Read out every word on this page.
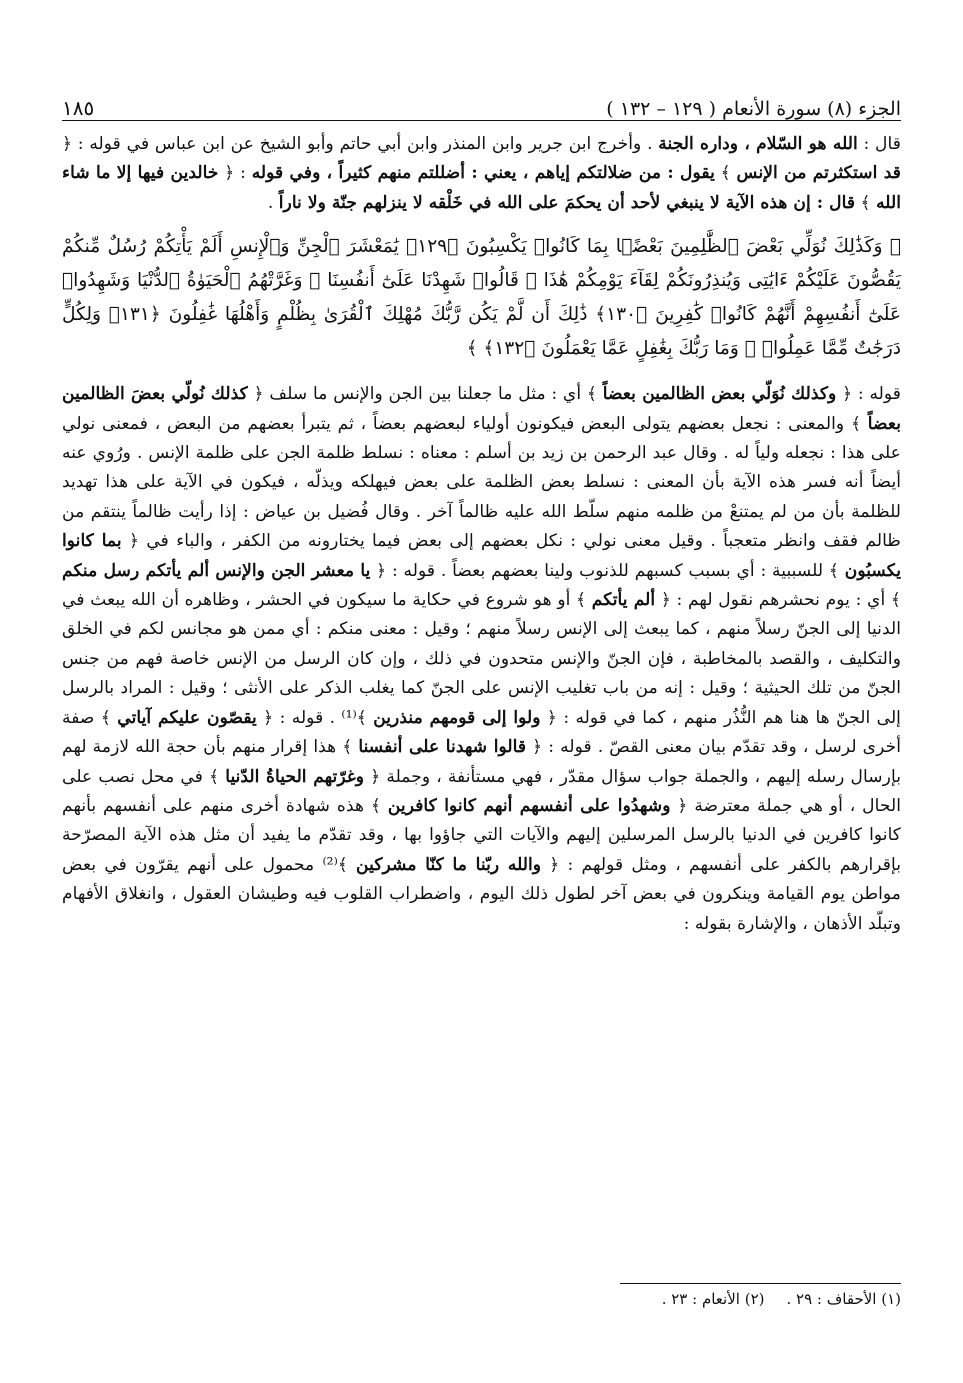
الجزء (٨) سورة الأنعام ( ١٢٩ – ١٣٢ )
١٨٥

قال : الله هو السّلام ، وداره الجنة . وأخرج ابن جرير وابن المنذر وابن أبي حاتم وأبو الشيخ عن ابن عباس في قوله : ﴿ قد استكثرتم من الإنس ﴾ يقول : من ضلالتكم إياهم ، يعني : أضللتم منهم كثيراً ، وفي قوله : ﴿ خالدين فيها إلا ما شاء الله ﴾ قال : إن هذه الآية لا ينبغي لأحد أن يحكمَ على الله في خَلْقه لا ينزلهم جنّة ولا ناراً .

﴿ وَكَذَٰلِكَ نُوَلِّي بَعْضَ ٱلظَّٰلِمِينَ بَعْضًۢا بِمَا كَانُوا۟ يَكْسِبُونَ ﴿١٢٩﴾ يَٰمَعْشَرَ ٱلْجِنِّ وَٱلْإِنسِ أَلَمْ يَأْتِكُمْ رُسُلٌ مِّنكُمْ يَقُصُّونَ عَلَيْكُمْ ءَايَٰتِى وَيُنذِرُونَكُمْ لِقَآءَ يَوْمِكُمْ هَٰذَا ۚ قَالُوا۟ شَهِدْنَا عَلَىٰٓ أَنفُسِنَا ۖ وَغَرَّتْهُمُ ٱلْحَيَوٰةُ ٱلدُّنْيَا وَشَهِدُوا۟ عَلَىٰٓ أَنفُسِهِمْ أَنَّهُمْ كَانُوا۟ كَٰفِرِينَ ﴿١٣٠﴾ ذَٰلِكَ أَن لَّمْ يَكُن رَّبُّكَ مُهْلِكَ ٱلْقُرَىٰ بِظُلْمٍ وَأَهْلُهَا غَٰفِلُونَ ﴿١٣١﴾ وَلِكُلٍّ دَرَجَٰتٌ مِّمَّا عَمِلُوا۟ ۚ وَمَا رَبُّكَ بِغَٰفِلٍ عَمَّا يَعْمَلُونَ ﴿١٣٢﴾ ﴾

قوله : ﴿ وكذلك نُوَلّي بعض الظالمين بعضاً ﴾ أي : مثل ما جعلنا بين الجن والإنس ما سلف ﴿ كذلك نُولّي بعضَ الظالمين بعضاً ﴾ والمعنى : نجعل بعضهم يتولى البعض فيكونون أولياء لبعضهم بعضاً ، ثم يتبرأ بعضهم من البعض ، فمعنى نولي على هذا : نجعله ولياً له . وقال عبد الرحمن بن زيد بن أسلم : معناه : نسلط ظلمة الجن على ظلمة الإنس . ورُوي عنه أيضاً أنه فسر هذه الآية بأن المعنى : نسلط بعض الظلمة على بعض فيهلكه ويذلّه ، فيكون في الآية على هذا تهديد للظلمة بأن من لم يمتنعْ من ظلمه منهم سلّط الله عليه ظالماً آخر . وقال فُضيل بن عياض : إذا رأيت ظالماً ينتقم من ظالم فقف وانظر متعجباً . وقيل معنى نولي : نكل بعضهم إلى بعض فيما يختارونه من الكفر ، والباء في ﴿ بما كانوا يكسبُون ﴾ للسببية : أي بسبب كسبهم للذنوب ولينا بعضهم بعضاً . قوله : ﴿ يا معشر الجن والإنس ألم يأتكم رسل منكم ﴾ أي : يوم نحشرهم نقول لهم : ﴿ ألم يأتكم ﴾ أو هو شروع في حكاية ما سيكون في الحشر ، وظاهره أن الله يبعث في الدنيا إلى الجنّ رسلاً منهم ، كما يبعث إلى الإنس رسلاً منهم ؛ وقيل : معنى منكم : أي ممن هو مجانس لكم في الخلق والتكليف ، والقصد بالمخاطبة ، فإن الجنّ والإنس متحدون في ذلك ، وإن كان الرسل من الإنس خاصة فهم من جنس الجنّ من تلك الحيثية ؛ وقيل : إنه من باب تغليب الإنس على الجنّ كما يغلب الذكر على الأنثى ؛ وقيل : المراد بالرسل إلى الجنّ ها هنا هم النُّذُر منهم ، كما في قوله : ﴿ ولوا إلى قومهم منذرين ﴾⁽¹⁾ . قوله : ﴿ يقصّون عليكم آياتي ﴾ صفة أخرى لرسل ، وقد تقدّم بيان معنى القصّ . قوله : ﴿ قالوا شهدنا على أنفسنا ﴾ هذا إقرار منهم بأن حجة الله لازمة لهم بإرسال رسله إليهم ، والجملة جواب سؤال مقدّر ، فهي مستأنفة ، وجملة ﴿ وغرّتهم الحياةُ الدّنيا ﴾ في محل نصب على الحال ، أو هي جملة معترضة ﴿ وشهدُوا على أنفسهم أنهم كانوا كافرين ﴾ هذه شهادة أخرى منهم على أنفسهم بأنهم كانوا كافرين في الدنيا بالرسل المرسلين إليهم والآيات التي جاؤوا بها ، وقد تقدّم ما يفيد أن مثل هذه الآية المصرّحة بإقرارهم بالكفر على أنفسهم ، ومثل قولهم : ﴿ والله ربّنا ما كنّا مشركين ﴾⁽²⁾ محمول على أنهم يقرّون في بعض مواطن يوم القيامة وينكرون في بعض آخر لطول ذلك اليوم ، واضطراب القلوب فيه وطيشان العقول ، وانغلاق الأفهام وتبلّد الأذهان ، والإشارة بقوله :

(١) الأحقاف : ٢٩ .
(٢) الأنعام : ٢٣ .
